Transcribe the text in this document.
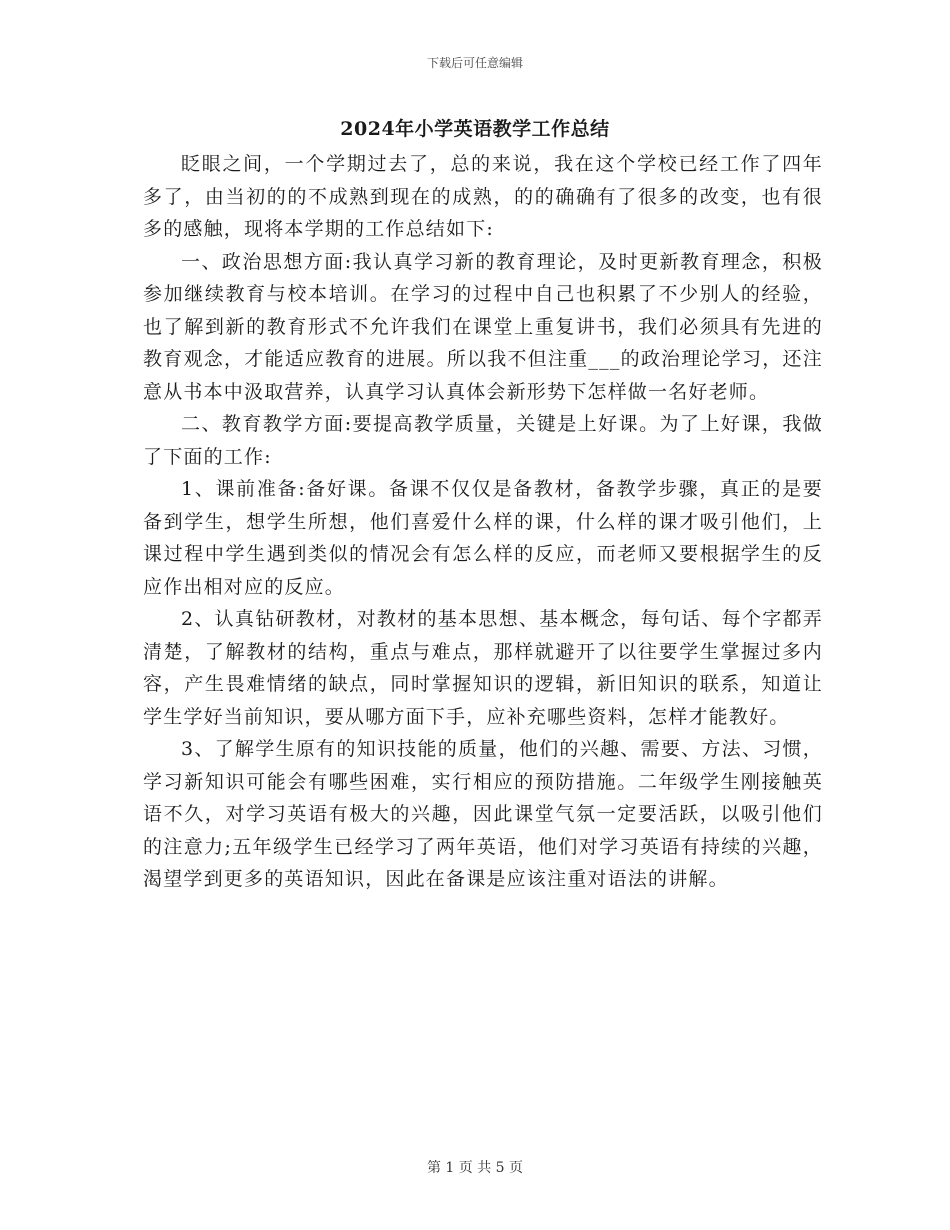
下载后可任意编辑
2024年小学英语教学工作总结

眨眼之间，一个学期过去了，总的来说，我在这个学校已经工作了四年多了，由当初的的不成熟到现在的成熟，的的确确有了很多的改变，也有很多的感触，现将本学期的工作总结如下:

一、政治思想方面:我认真学习新的教育理论，及时更新教育理念，积极参加继续教育与校本培训。在学习的过程中自己也积累了不少别人的经验，也了解到新的教育形式不允许我们在课堂上重复讲书，我们必须具有先进的教育观念，才能适应教育的进展。所以我不但注重___的政治理论学习，还注意从书本中汲取营养，认真学习认真体会新形势下怎样做一名好老师。

二、教育教学方面:要提高教学质量，关键是上好课。为了上好课，我做了下面的工作:

1、课前准备:备好课。备课不仅仅是备教材，备教学步骤，真正的是要备到学生，想学生所想，他们喜爱什么样的课，什么样的课才吸引他们，上课过程中学生遇到类似的情况会有怎么样的反应，而老师又要根据学生的反应作出相对应的反应。

2、认真钻研教材，对教材的基本思想、基本概念，每句话、每个字都弄清楚，了解教材的结构，重点与难点，那样就避开了以往要学生掌握过多内容，产生畏难情绪的缺点，同时掌握知识的逻辑，新旧知识的联系，知道让学生学好当前知识，要从哪方面下手，应补充哪些资料，怎样才能教好。

3、了解学生原有的知识技能的质量，他们的兴趣、需要、方法、习惯，学习新知识可能会有哪些困难，实行相应的预防措施。二年级学生刚接触英语不久，对学习英语有极大的兴趣，因此课堂气氛一定要活跃，以吸引他们的注意力;五年级学生已经学习了两年英语，他们对学习英语有持续的兴趣，渴望学到更多的英语知识，因此在备课是应该注重对语法的讲解。

第 1 页 共 5 页
